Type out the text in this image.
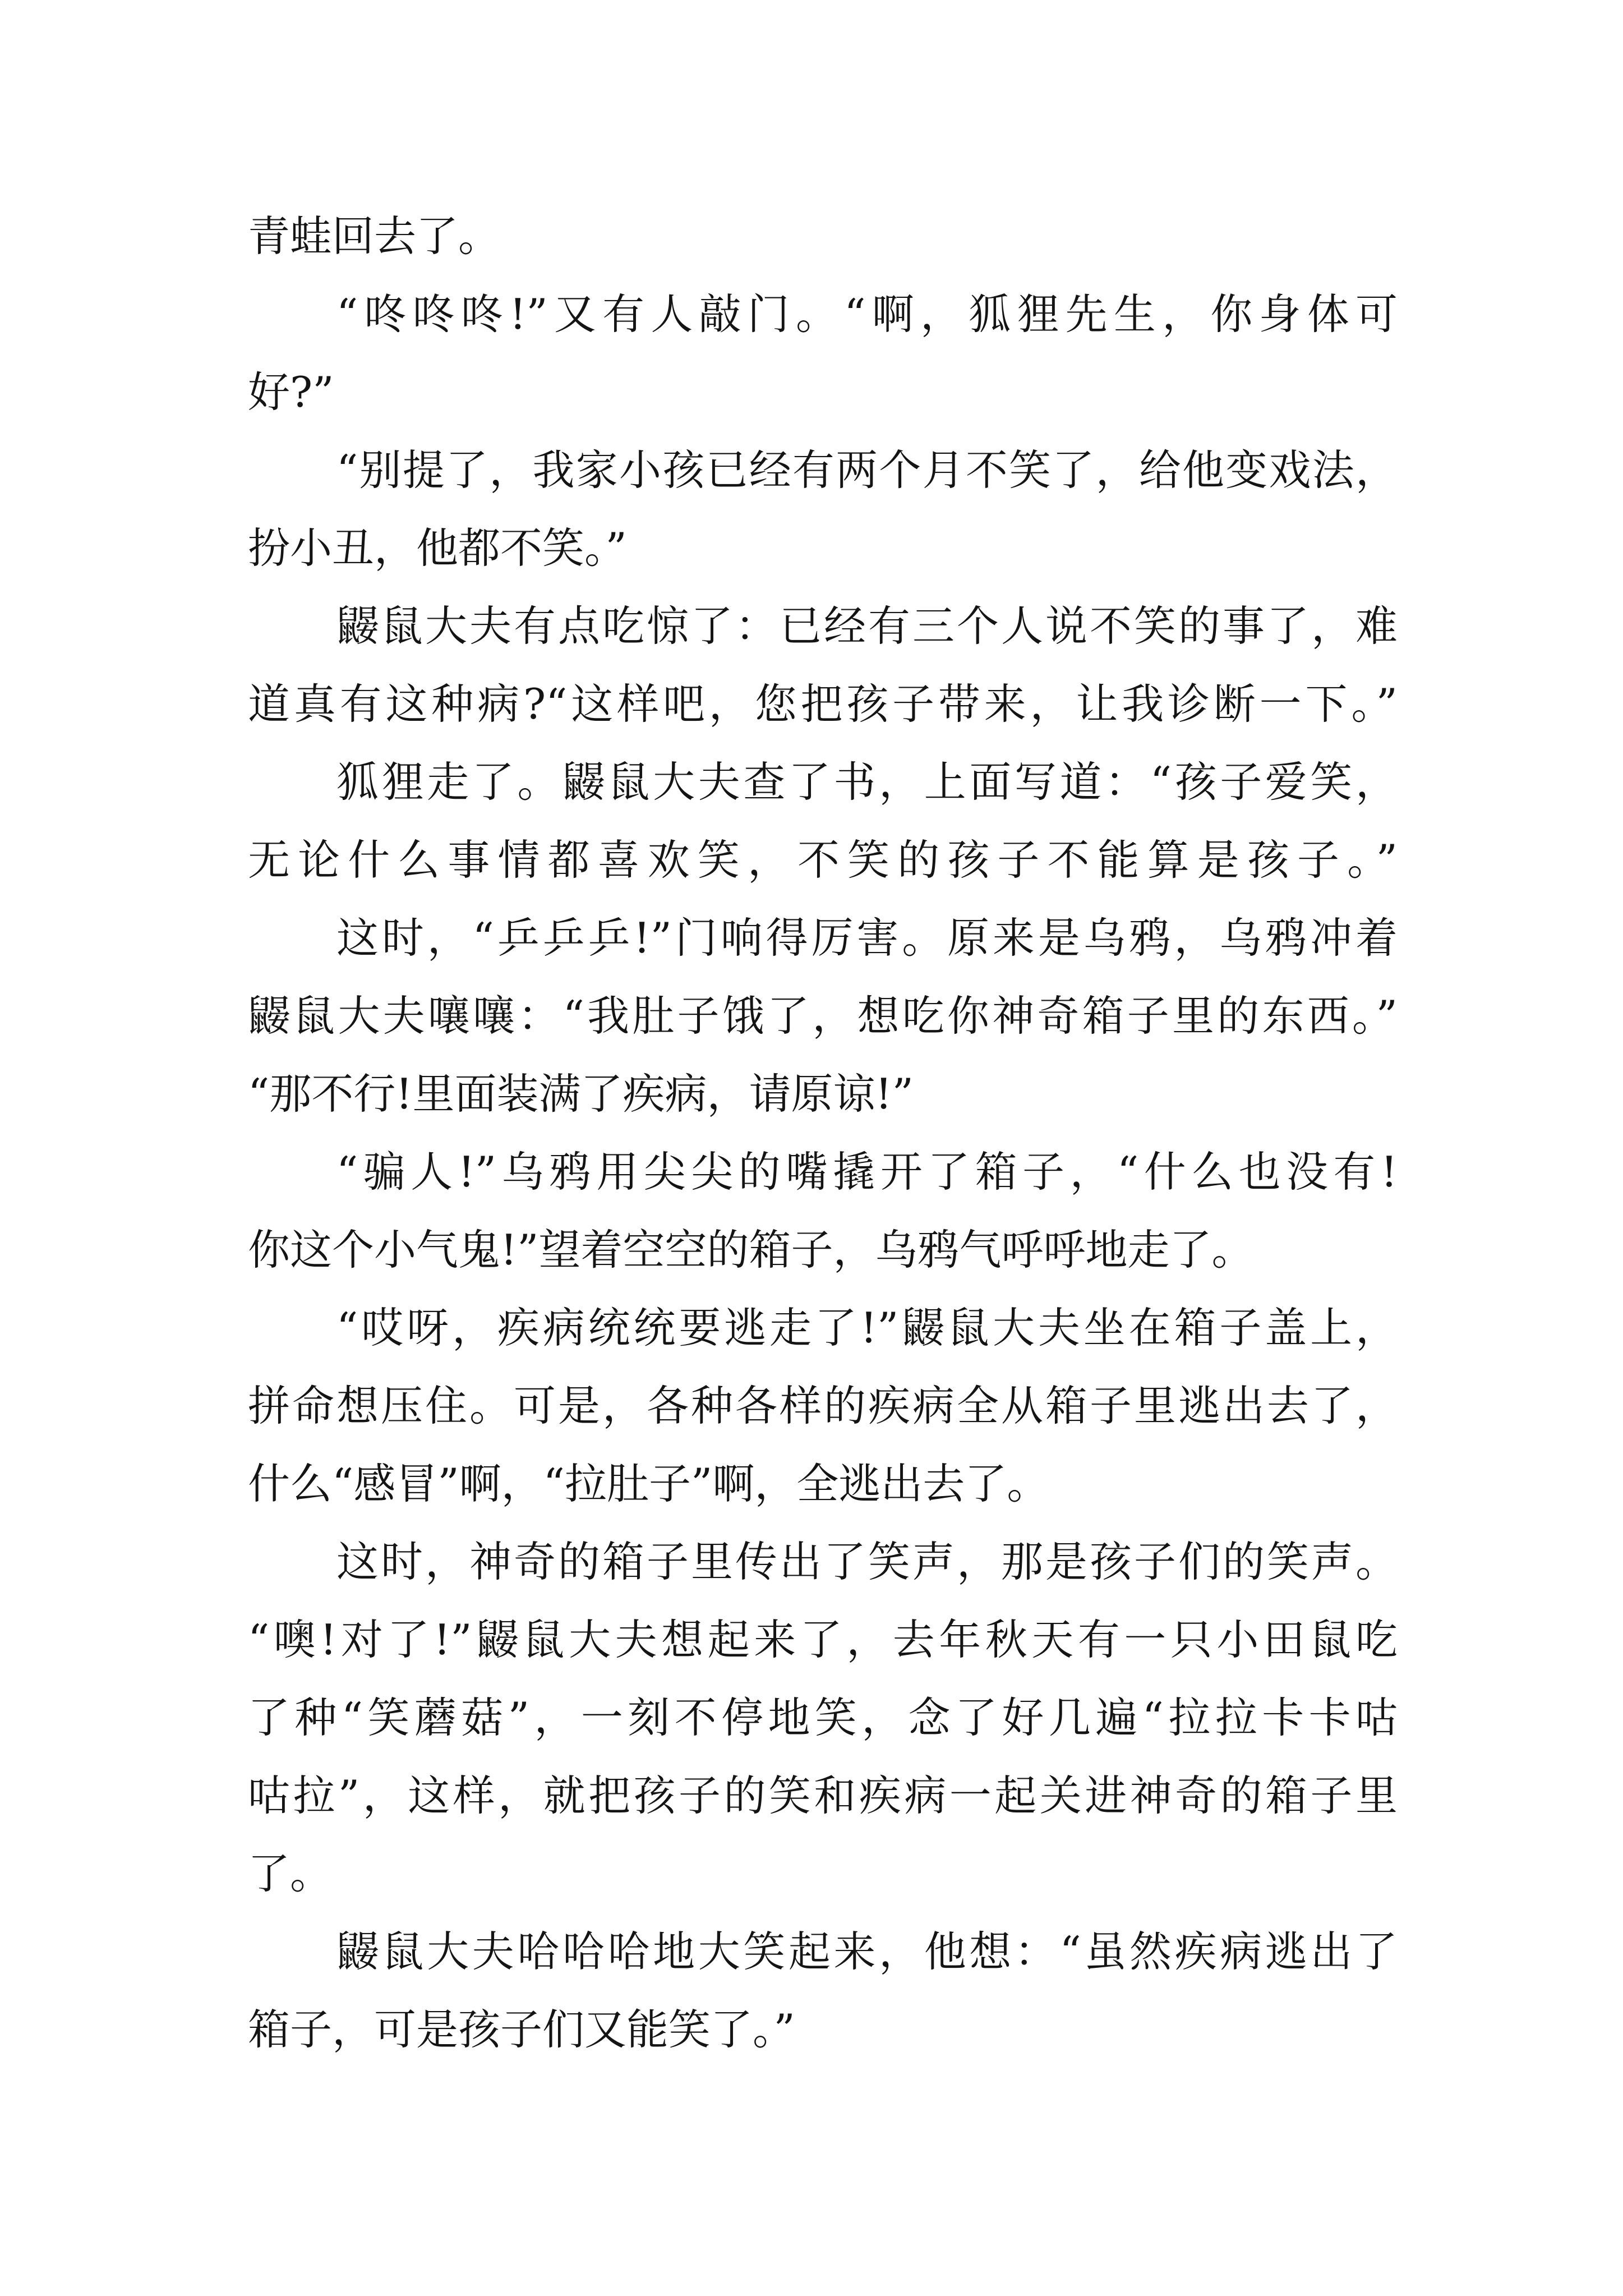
青蛙回去了。
“咚咚咚!”又有人敲门。“啊，狐狸先生，你身体可
好?”
“别提了，我家小孩已经有两个月不笑了，给他变戏法，
扮小丑，他都不笑。”
鼹鼠大夫有点吃惊了：已经有三个人说不笑的事了，难
道真有这种病?“这样吧，您把孩子带来，让我诊断一下。”
狐狸走了。鼹鼠大夫查了书，上面写道：“孩子爱笑，
无论什么事情都喜欢笑，不笑的孩子不能算是孩子。”
这时，“乒乒乒!”门响得厉害。原来是乌鸦，乌鸦冲着
鼹鼠大夫嚷嚷：“我肚子饿了，想吃你神奇箱子里的东西。”
“那不行!里面装满了疾病，请原谅!”
“骗人!”乌鸦用尖尖的嘴撬开了箱子，“什么也没有!
你这个小气鬼!”望着空空的箱子，乌鸦气呼呼地走了。
“哎呀，疾病统统要逃走了!”鼹鼠大夫坐在箱子盖上，
拼命想压住。可是，各种各样的疾病全从箱子里逃出去了，
什么“感冒”啊，“拉肚子”啊，全逃出去了。
这时，神奇的箱子里传出了笑声，那是孩子们的笑声。
“噢!对了!”鼹鼠大夫想起来了，去年秋天有一只小田鼠吃
了种“笑蘑菇”，一刻不停地笑，念了好几遍“拉拉卡卡咕
咕拉”，这样，就把孩子的笑和疾病一起关进神奇的箱子里
了。
鼹鼠大夫哈哈哈地大笑起来，他想：“虽然疾病逃出了
箱子，可是孩子们又能笑了。”
